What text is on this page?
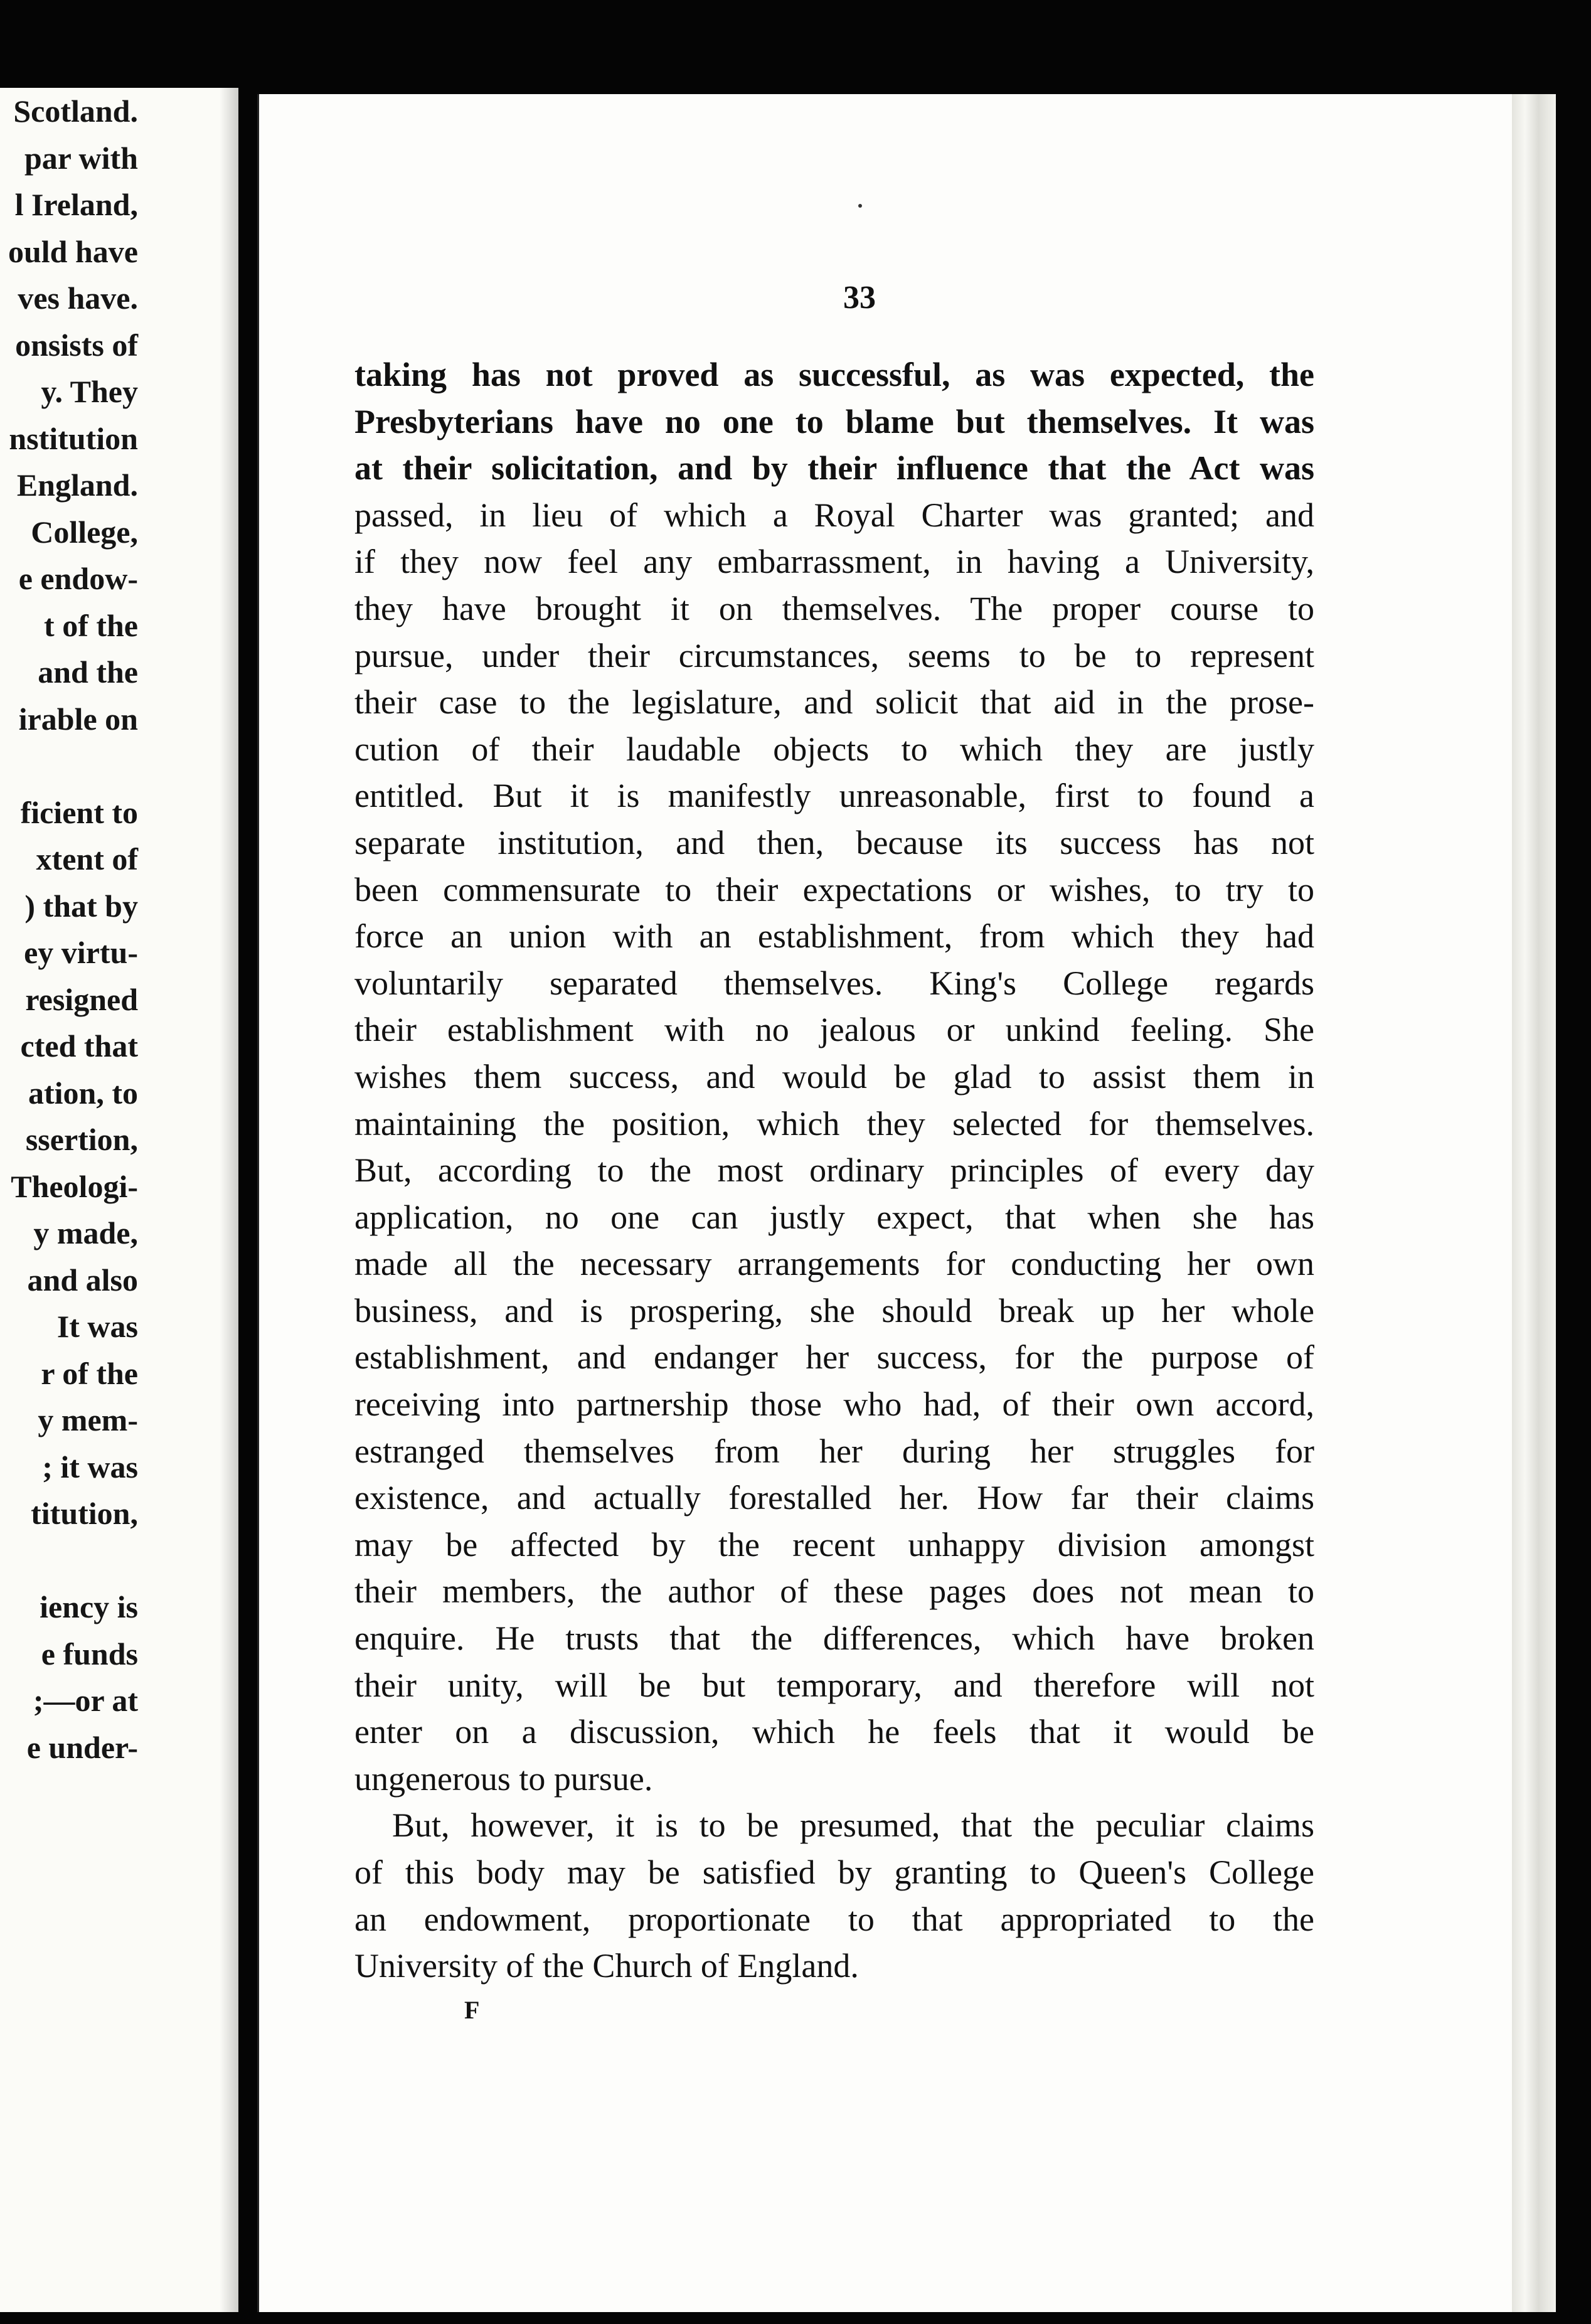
Scotland.
par with
l Ireland,
ould have
ves have.
onsists of
y. They
nstitution
England.
College,
e endow-
t of the
and the
irable on
ficient to
xtent of
) that by
ey virtu-
resigned
cted that
ation, to
ssertion,
Theologi-
y made,
and also
It was
r of the
y mem-
; it was
titution,
iency is
e funds
;—or at
e under-
33
taking has not proved as successful, as was expected, the
Presbyterians have no one to blame but themselves. It was
at their solicitation, and by their influence that the Act was
passed, in lieu of which a Royal Charter was granted; and
if they now feel any embarrassment, in having a University,
they have brought it on themselves. The proper course to
pursue, under their circumstances, seems to be to represent
their case to the legislature, and solicit that aid in the prose-
cution of their laudable objects to which they are justly
entitled. But it is manifestly unreasonable, first to found a
separate institution, and then, because its success has not
been commensurate to their expectations or wishes, to try to
force an union with an establishment, from which they had
voluntarily separated themselves. King's College regards
their establishment with no jealous or unkind feeling. She
wishes them success, and would be glad to assist them in
maintaining the position, which they selected for themselves.
But, according to the most ordinary principles of every day
application, no one can justly expect, that when she has
made all the necessary arrangements for conducting her own
business, and is prospering, she should break up her whole
establishment, and endanger her success, for the purpose of
receiving into partnership those who had, of their own accord,
estranged themselves from her during her struggles for
existence, and actually forestalled her. How far their claims
may be affected by the recent unhappy division amongst
their members, the author of these pages does not mean to
enquire. He trusts that the differences, which have broken
their unity, will be but temporary, and therefore will not
enter on a discussion, which he feels that it would be
ungenerous to pursue.
But, however, it is to be presumed, that the peculiar claims
of this body may be satisfied by granting to Queen's College
an endowment, proportionate to that appropriated to the
University of the Church of England.
F
